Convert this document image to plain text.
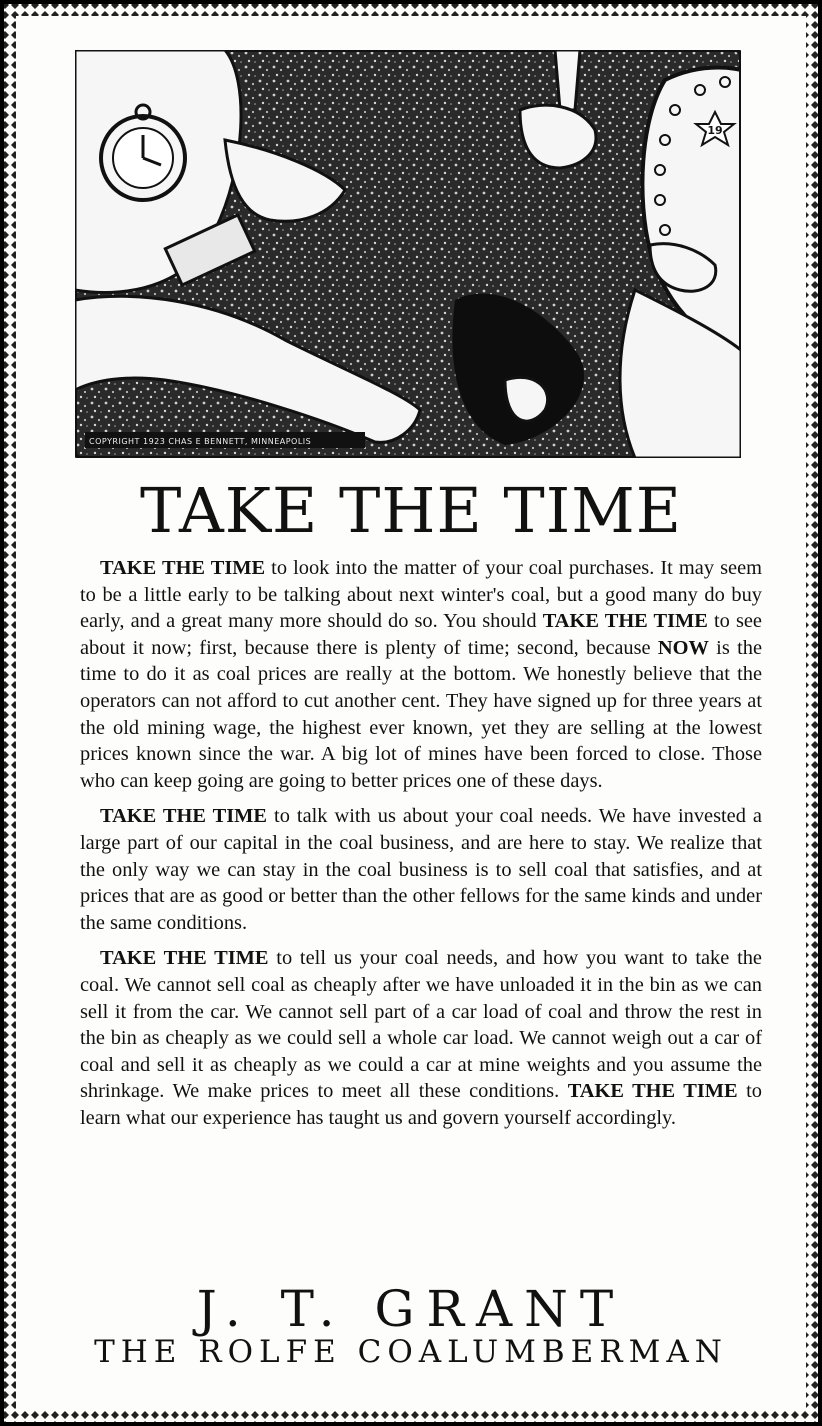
19
COPYRIGHT 1923 CHAS E BENNETT, MINNEAPOLIS
TAKE THE TIME

TAKE THE TIME to look into the matter of your coal purchases. It may seem to be a little early to be talking about next winter's coal, but a good many do buy early, and a great many more should do so. You should TAKE THE TIME to see about it now; first, because there is plenty of time; second, because NOW is the time to do it as coal prices are really at the bottom. We honestly believe that the operators can not afford to cut another cent. They have signed up for three years at the old mining wage, the highest ever known, yet they are selling at the lowest prices known since the war. A big lot of mines have been forced to close. Those who can keep going are going to better prices one of these days.

TAKE THE TIME to talk with us about your coal needs. We have invested a large part of our capital in the coal business, and are here to stay. We realize that the only way we can stay in the coal business is to sell coal that satisfies, and at prices that are as good or better than the other fellows for the same kinds and under the same conditions.

TAKE THE TIME to tell us your coal needs, and how you want to take the coal. We cannot sell coal as cheaply after we have unloaded it in the bin as we can sell it from the car. We cannot sell part of a car load of coal and throw the rest in the bin as cheaply as we could sell a whole car load. We cannot weigh out a car of coal and sell it as cheaply as we could a car at mine weights and you assume the shrinkage. We make prices to meet all these conditions. TAKE THE TIME to learn what our experience has taught us and govern yourself accordingly.

J. T. GRANT
THE ROLFE COALUMBERMAN
